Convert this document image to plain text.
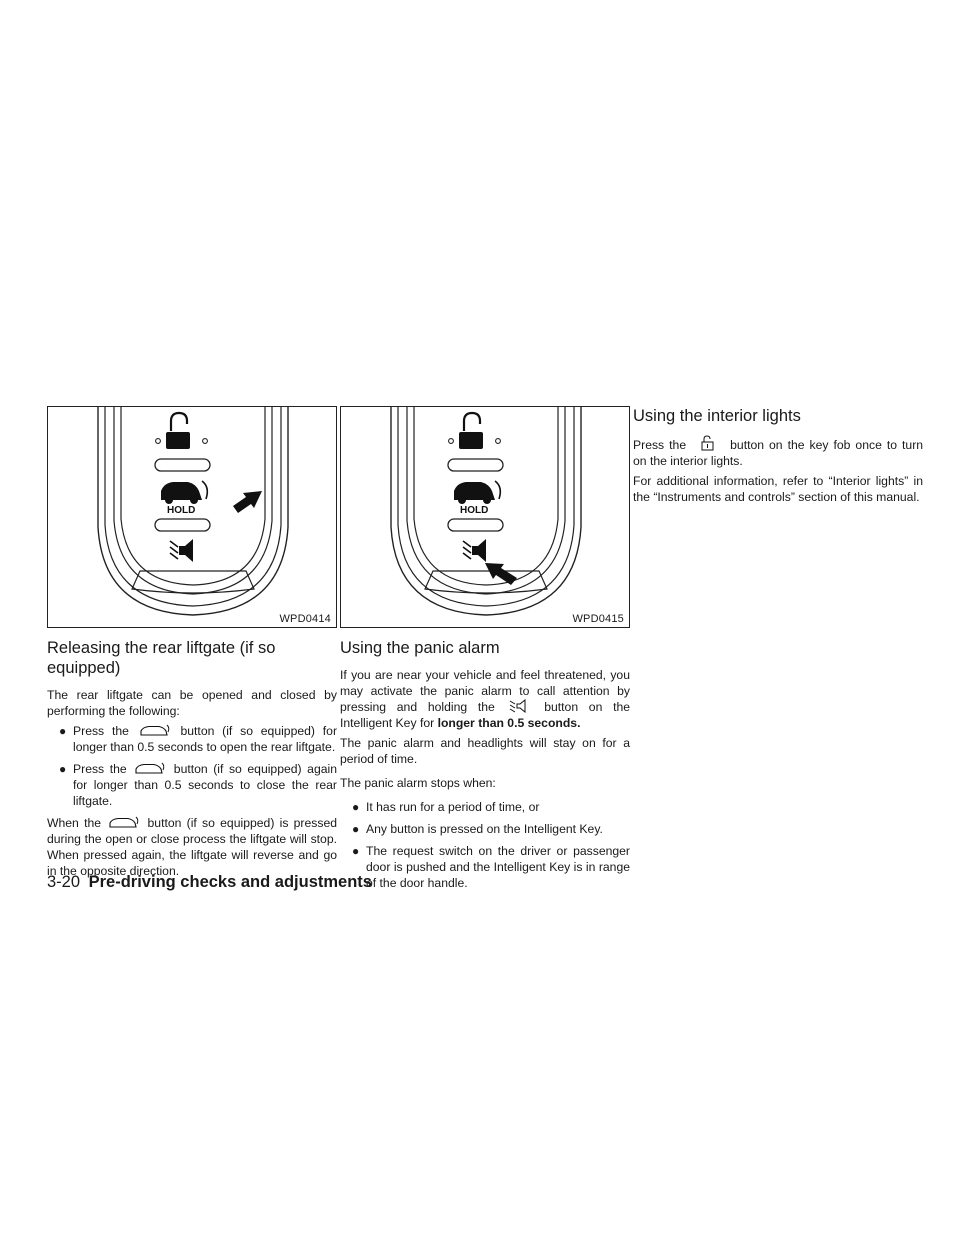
HOLD
WPD0414
Releasing the rear liftgate (if so equipped)

The rear liftgate can be opened and closed by performing the following:

● Press the	button (if so equipped) for longer than 0.5 seconds to open the rear liftgate.
● Press the	button (if so equipped) again for longer than 0.5 seconds to close the rear liftgate.

When the	button (if so equipped) is pressed during the open or close process the liftgate will stop. When pressed again, the liftgate will reverse and go in the opposite direction.

HOLD
WPD0415
Using the panic alarm

If you are near your vehicle and feel threatened, you may activate the panic alarm to call attention by pressing and holding the	button on the Intelligent Key for longer than 0.5 seconds.

The panic alarm and headlights will stay on for a period of time.

The panic alarm stops when:

● It has run for a period of time, or
● Any button is pressed on the Intelligent Key.
● The request switch on the driver or passenger door is pushed and the Intelligent Key is in range of the door handle.
Using the interior lights

Press the	button on the key fob once to turn on the interior lights.

For additional information, refer to “Interior lights” in the “Instruments and controls” section of this manual.

3-20 Pre-driving checks and adjustments
